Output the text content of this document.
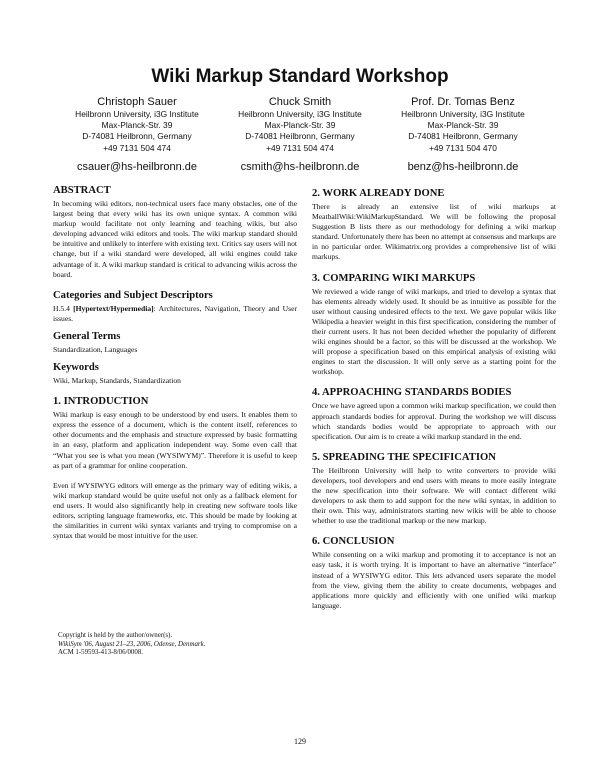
Wiki Markup Standard Workshop
Christoph Sauer
Heilbronn University, i3G Institute
Max-Planck-Str. 39
D-74081 Heilbronn, Germany
+49 7131 504 474
csauer@hs-heilbronn.de
Chuck Smith
Heilbronn University, i3G Institute
Max-Planck-Str. 39
D-74081 Heilbronn, Germany
+49 7131 504 474
csmith@hs-heilbronn.de
Prof. Dr. Tomas Benz
Heilbronn University, i3G Institute
Max-Planck-Str. 39
D-74081 Heilbronn, Germany
+49 7131 504 470
benz@hs-heilbronn.de
ABSTRACT
In becoming wiki editors, non-technical users face many obstacles, one of the largest being that every wiki has its own unique syntax. A common wiki markup would facilitate not only learning and teaching wikis, but also developing advanced wiki editors and tools. The wiki markup standard should be intuitive and unlikely to interfere with existing text. Critics say users will not change, but if a wiki standard were developed, all wiki engines could take advantage of it. A wiki markup standard is critical to advancing wikis across the board.
Categories and Subject Descriptors
H.5.4 [Hypertext/Hypermedia]: Architectures, Navigation, Theory and User issues.
General Terms
Standardization, Languages
Keywords
Wiki, Markup, Standards, Standardization
1. INTRODUCTION
Wiki markup is easy enough to be understood by end users. It enables them to express the essence of a document, which is the content itself, references to other documents and the emphasis and structure expressed by basic formatting in an easy, platform and application independent way. Some even call that “What you see is what you mean (WYSIWYM)”. Therefore it is useful to keep as part of a grammar for online cooperation.
Even if WYSIWYG editors will emerge as the primary way of editing wikis, a wiki markup standard would be quite useful not only as a fallback element for end users. It would also significantly help in creating new software tools like editors, scripting language frameworks, etc. This should be made by looking at the similarities in current wiki syntax variants and trying to compromise on a syntax that would be most intuitive for the user.
Copyright is held by the author/owner(s).
WikiSym '06, August 21–23, 2006, Odense, Denmark.
ACM 1-59593-413-8/06/0008.
2. WORK ALREADY DONE
There is already an extensive list of wiki markups at MeatballWiki:WikiMarkupStandard. We will be following the proposal Suggestion B lists there as our methodology for defining a wiki markup standard. Unfortunately there has been no attempt at consensus and markups are in no particular order. Wikimatrix.org provides a comprehensive list of wiki markups.
3. COMPARING WIKI MARKUPS
We reviewed a wide range of wiki markups, and tried to develop a syntax that has elements already widely used. It should be as intuitive as possible for the user without causing undesired effects to the text. We gave popular wikis like Wikipedia a heavier weight in this first specification, considering the number of their current users. It has not been decided whether the popularity of different wiki engines should be a factor, so this will be discussed at the workshop. We will propose a specification based on this empirical analysis of existing wiki engines to start the discussion. It will only serve as a starting point for the workshop.
4. APPROACHING STANDARDS BODIES
Once we have agreed upon a common wiki markup specification, we could then approach standards bodies for approval. During the workshop we will discuss which standards bodies would be appropriate to approach with our specification. Our aim is to create a wiki markup standard in the end.
5. SPREADING THE SPECIFICATION
The Heilbronn University will help to write converters to provide wiki developers, tool developers and end users with means to more easily integrate the new specification into their software. We will contact different wiki developers to ask them to add support for the new wiki syntax, in addition to their own. This way, administrators starting new wikis will be able to choose whether to use the traditional markup or the new markup.
6. CONCLUSION
While consenting on a wiki markup and promoting it to acceptance is not an easy task, it is worth trying. It is important to have an alternative “interface” instead of a WYSIWYG editor. This lets advanced users separate the model from the view, giving them the ability to create documents, webpages and applications more quickly and efficiently with one unified wiki markup language.
129
